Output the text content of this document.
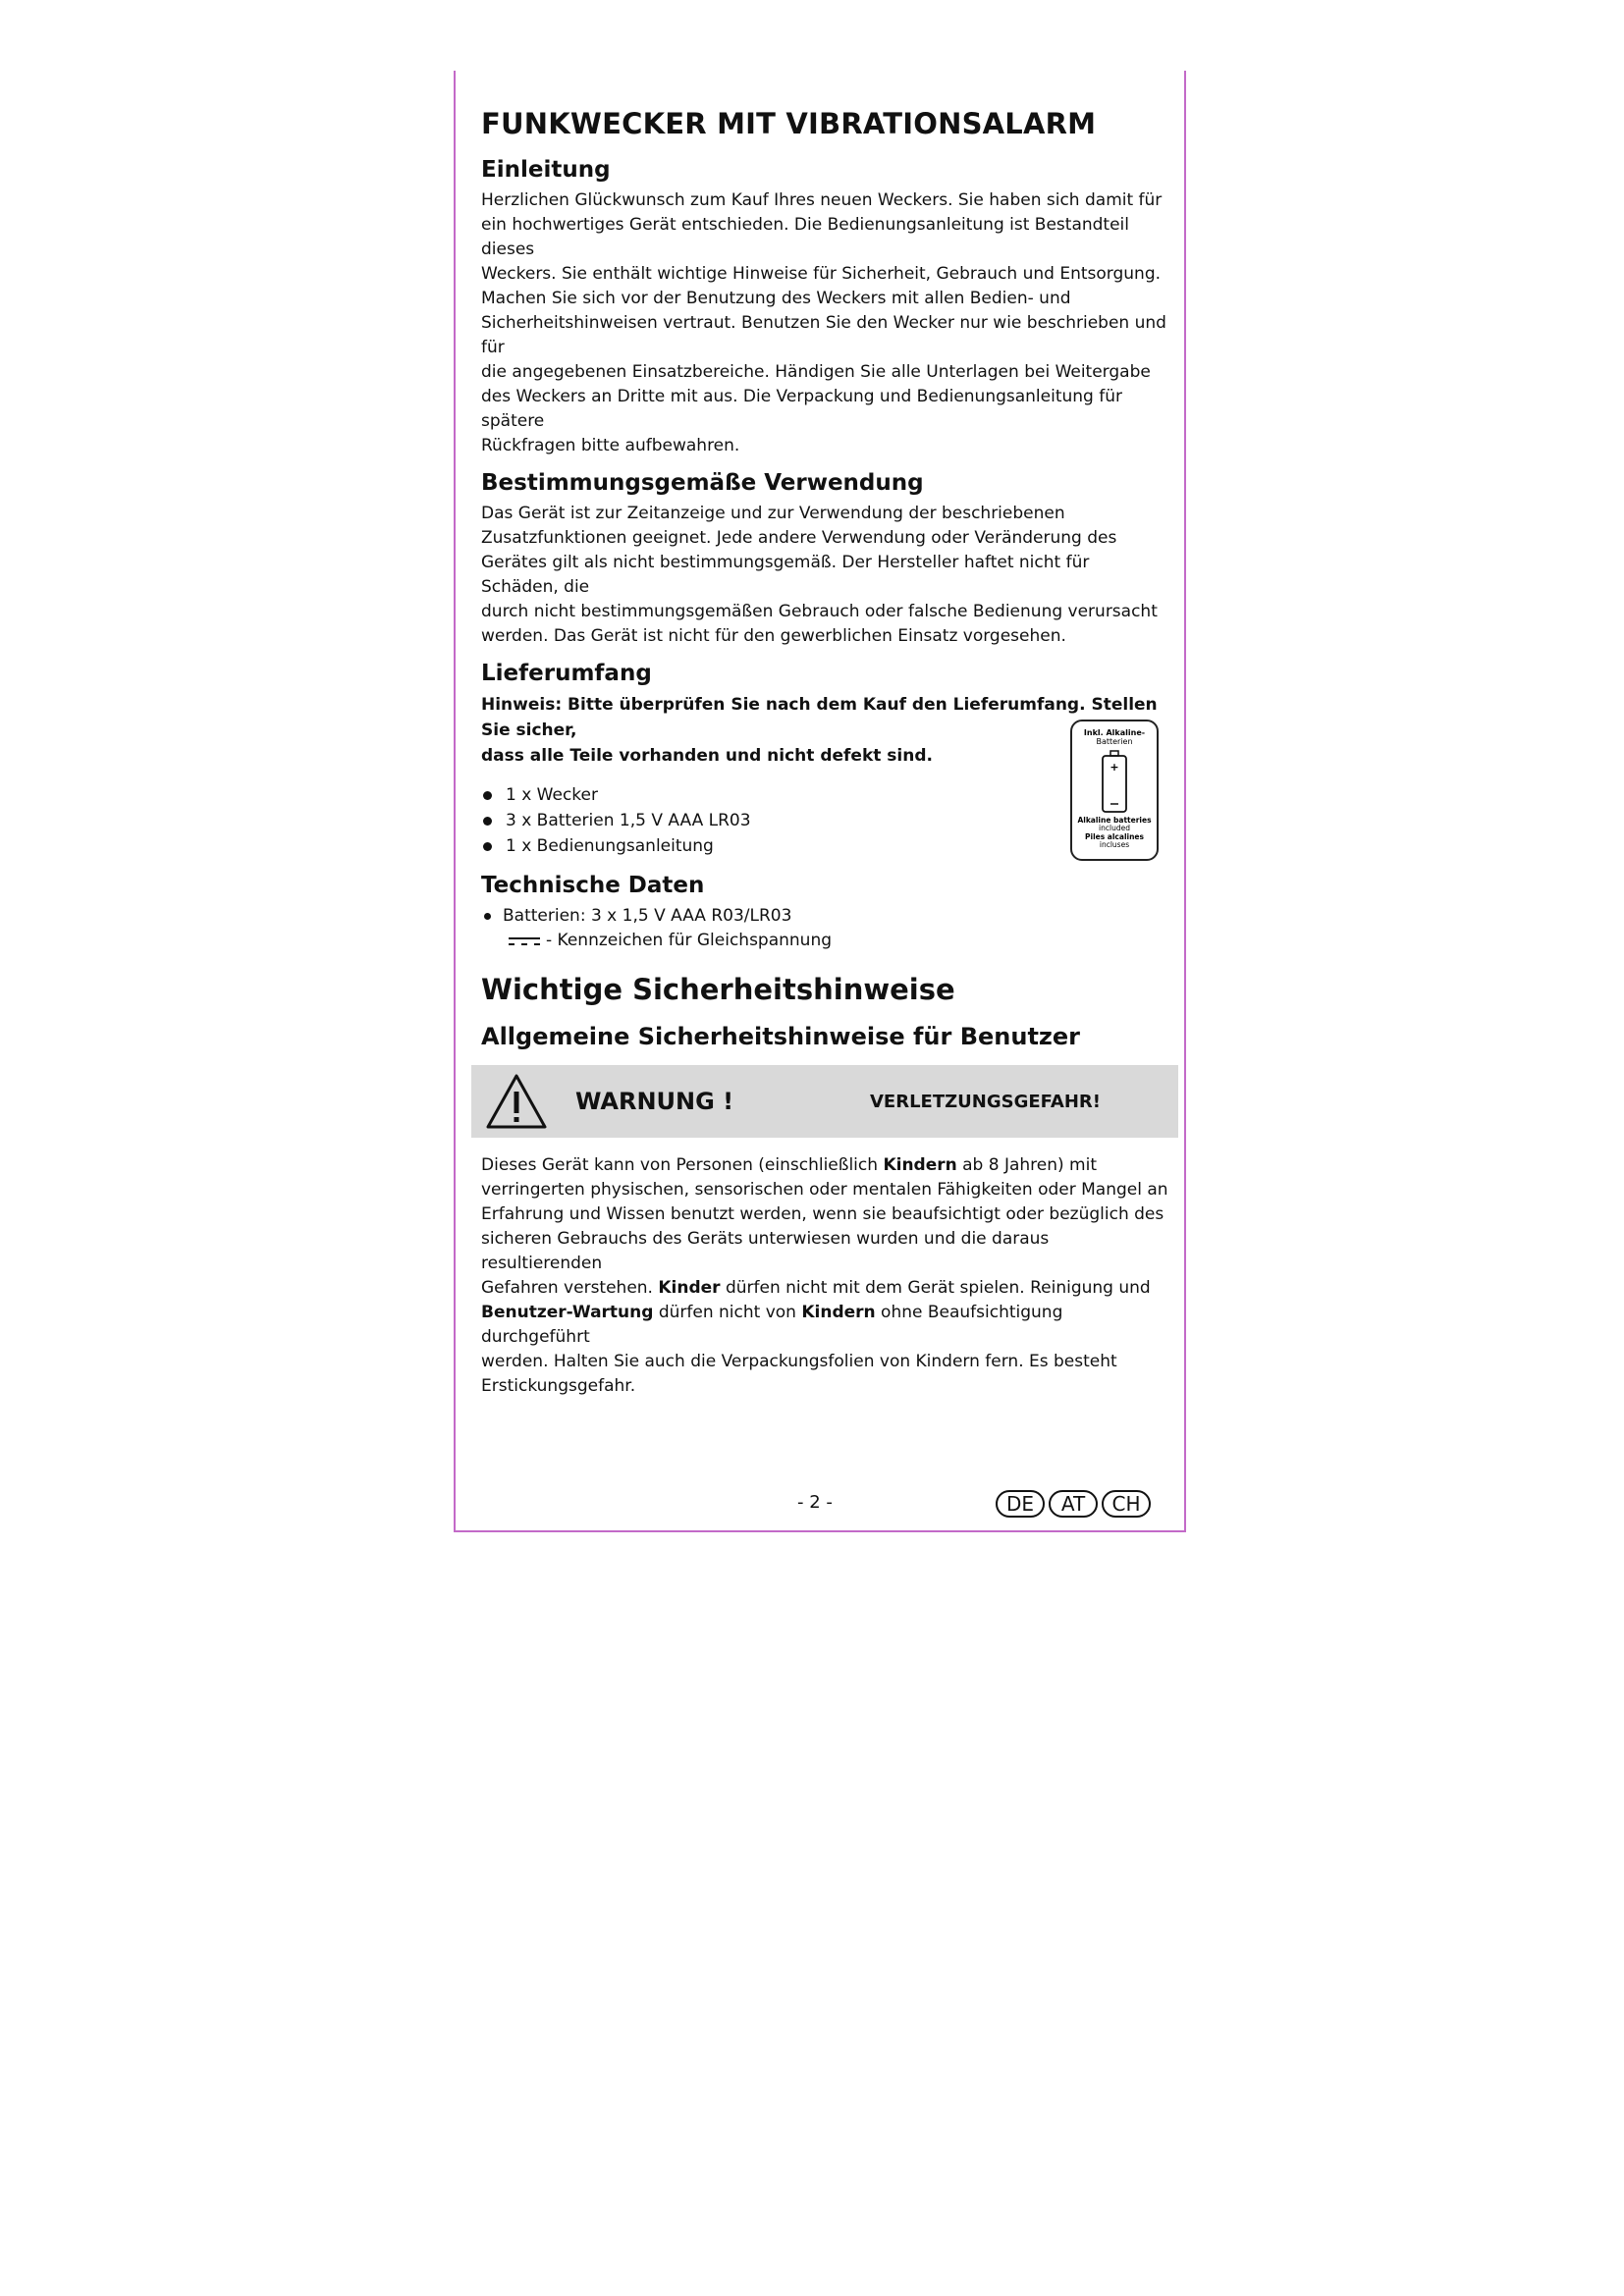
FUNKWECKER MIT VIBRATIONSALARM
Einleitung

Herzlichen Glückwunsch zum Kauf Ihres neuen Weckers. Sie haben sich damit für
ein hochwertiges Gerät entschieden. Die Bedienungsanleitung ist Bestandteil dieses
Weckers. Sie enthält wichtige Hinweise für Sicherheit, Gebrauch und Entsorgung.
Machen Sie sich vor der Benutzung des Weckers mit allen Bedien- und
Sicherheitshinweisen vertraut. Benutzen Sie den Wecker nur wie beschrieben und für
die angegebenen Einsatzbereiche. Händigen Sie alle Unterlagen bei Weitergabe
des Weckers an Dritte mit aus. Die Verpackung und Bedienungsanleitung für spätere
Rückfragen bitte aufbewahren.

Bestimmungsgemäße Verwendung

Das Gerät ist zur Zeitanzeige und zur Verwendung der beschriebenen
Zusatzfunktionen geeignet. Jede andere Verwendung oder Veränderung des
Gerätes gilt als nicht bestimmungsgemäß. Der Hersteller haftet nicht für Schäden, die
durch nicht bestimmungsgemäßen Gebrauch oder falsche Bedienung verursacht
werden. Das Gerät ist nicht für den gewerblichen Einsatz vorgesehen.

Lieferumfang

Hinweis: Bitte überprüfen Sie nach dem Kauf den Lieferumfang. Stellen Sie sicher,
dass alle Teile vorhanden und nicht defekt sind.

1 x Wecker
3 x Batterien 1,5 V AAA LR03
1 x Bedienungsanleitung
Inkl. Alkaline-
Batterien
+
Alkaline batteries
included
Piles alcalines
incluses
Technische Daten
Batterien: 3 x 1,5 V AAA R03/LR03
- Kennzeichen für Gleichspannung
Wichtige Sicherheitshinweise
Allgemeine Sicherheitshinweise für Benutzer
WARNUNG !	VERLETZUNGSGEFAHR!

Dieses Gerät kann von Personen (einschließlich Kindern ab 8 Jahren) mit
verringerten physischen, sensorischen oder mentalen Fähigkeiten oder Mangel an
Erfahrung und Wissen benutzt werden, wenn sie beaufsichtigt oder bezüglich des
sicheren Gebrauchs des Geräts unterwiesen wurden und die daraus resultierenden
Gefahren verstehen. Kinder dürfen nicht mit dem Gerät spielen. Reinigung und
Benutzer-Wartung dürfen nicht von Kindern ohne Beaufsichtigung durchgeführt
werden. Halten Sie auch die Verpackungsfolien von Kindern fern. Es besteht
Erstickungsgefahr.

- 2 -	DE	AT	CH
